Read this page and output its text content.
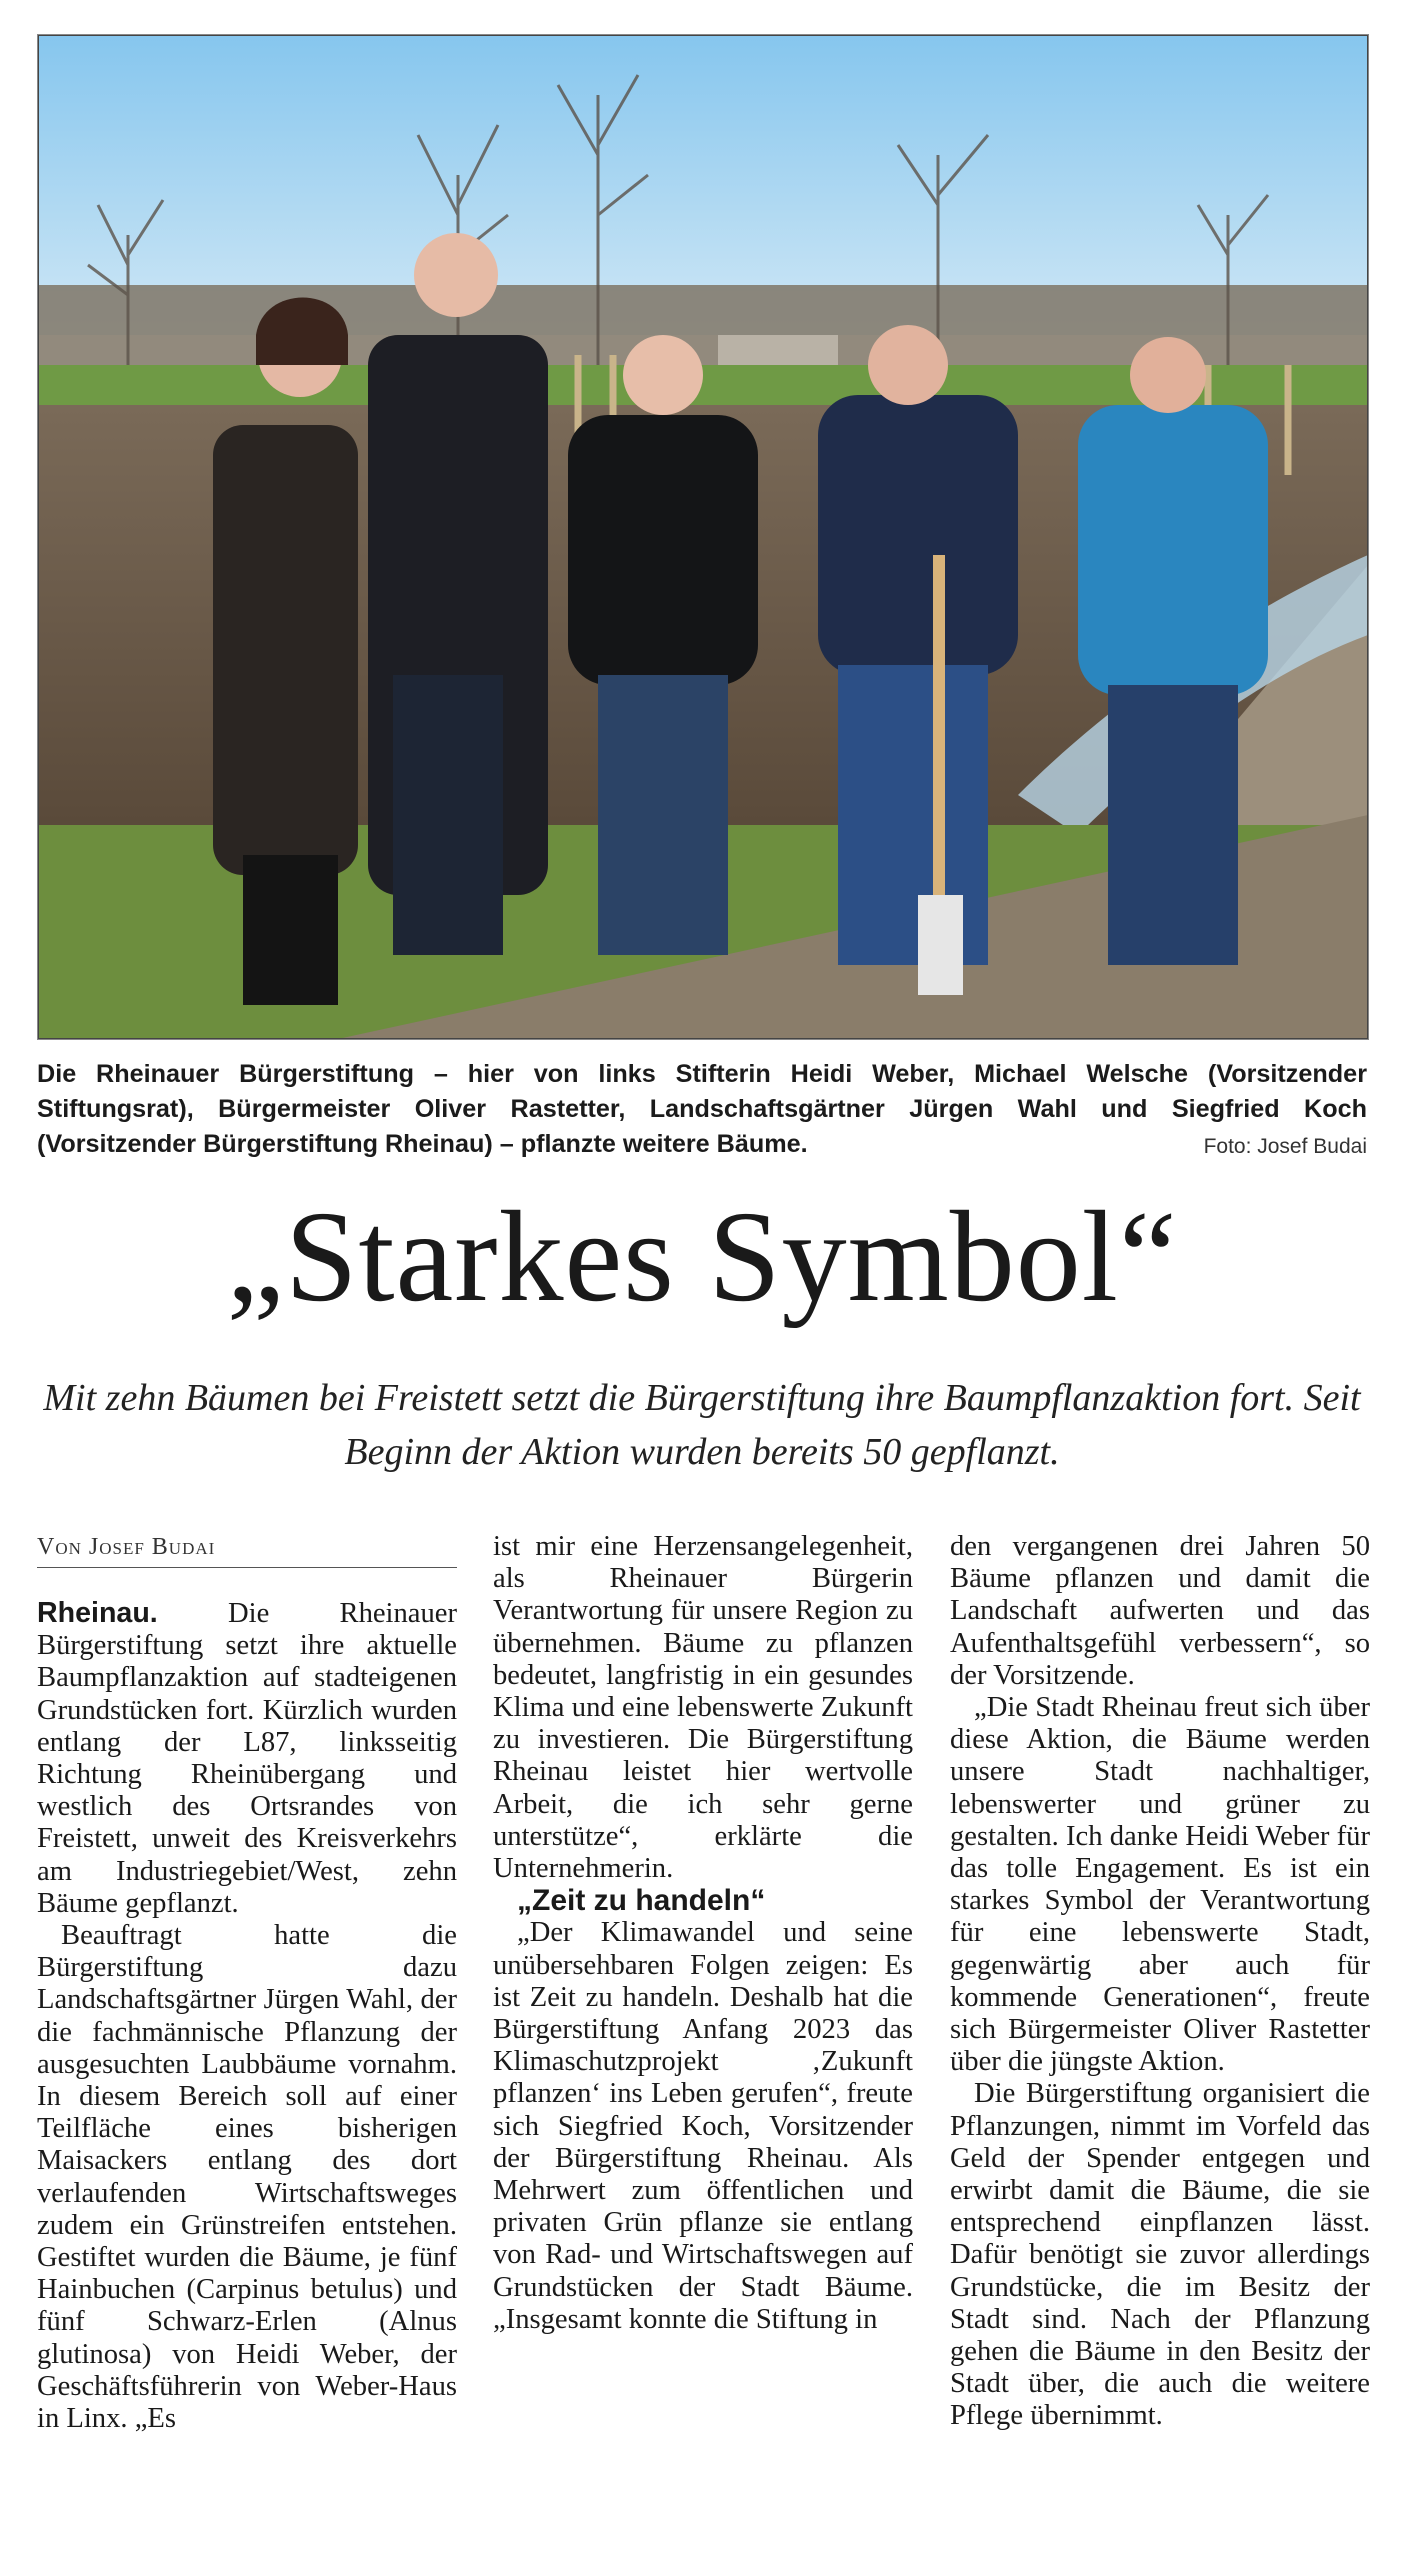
Die Rheinauer Bürgerstiftung – hier von links Stifterin Heidi Weber, Michael Welsche (Vorsitzender Stiftungsrat), Bürgermeister Oliver Rastetter, Landschaftsgärtner Jürgen Wahl und Siegfried Koch (Vorsitzender Bürgerstiftung Rheinau) – pflanzte weitere Bäume.	Foto: Josef Budai
„Starkes Symbol“
Mit zehn Bäumen bei Freistett setzt die Bürgerstiftung ihre Baumpflanzaktion fort. Seit Beginn der Aktion wurden bereits 50 gepflanzt.
Von Josef Budai

Rheinau. Die Rheinauer Bürgerstiftung setzt ihre aktuelle Baumpflanzaktion auf stadteigenen Grundstücken fort. Kürzlich wurden entlang der L87, linksseitig Richtung Rheinübergang und westlich des Ortsrandes von Freistett, unweit des Kreisverkehrs am Industriegebiet/West, zehn Bäume gepflanzt.

Beauftragt hatte die Bürgerstiftung dazu Landschaftsgärtner Jürgen Wahl, der die fachmännische Pflanzung der ausgesuchten Laubbäume vornahm. In diesem Bereich soll auf einer Teilfläche eines bisherigen Maisackers entlang des dort verlaufenden Wirtschaftsweges zudem ein Grünstreifen entstehen. Gestiftet wurden die Bäume, je fünf Hainbuchen (Carpinus betulus) und fünf Schwarz-Erlen (Alnus glutinosa) von Heidi Weber, der Geschäftsführerin von Weber-Haus in Linx. „Es

ist mir eine Herzensangelegenheit, als Rheinauer Bürgerin Verantwortung für unsere Region zu übernehmen. Bäume zu pflanzen bedeutet, langfristig in ein gesundes Klima und eine lebenswerte Zukunft zu investieren. Die Bürgerstiftung Rheinau leistet hier wertvolle Arbeit, die ich sehr gerne unterstütze“, erklärte die Unternehmerin.

„Zeit zu handeln“

„Der Klimawandel und seine unübersehbaren Folgen zeigen: Es ist Zeit zu handeln. Deshalb hat die Bürgerstiftung Anfang 2023 das Klimaschutzprojekt ‚Zukunft pflanzen‘ ins Leben gerufen“, freute sich Siegfried Koch, Vorsitzender der Bürgerstiftung Rheinau. Als Mehrwert zum öffentlichen und privaten Grün pflanze sie entlang von Rad- und Wirtschaftswegen auf Grundstücken der Stadt Bäume. „Insgesamt konnte die Stiftung in

den vergangenen drei Jahren 50 Bäume pflanzen und damit die Landschaft aufwerten und das Aufenthaltsgefühl verbessern“, so der Vorsitzende.

„Die Stadt Rheinau freut sich über diese Aktion, die Bäume werden unsere Stadt nachhaltiger, lebenswerter und grüner zu gestalten. Ich danke Heidi Weber für das tolle Engagement. Es ist ein starkes Symbol der Verantwortung für eine lebenswerte Stadt, gegenwärtig aber auch für kommende Generationen“, freute sich Bürgermeister Oliver Rastetter über die jüngste Aktion.

Die Bürgerstiftung organisiert die Pflanzungen, nimmt im Vorfeld das Geld der Spender entgegen und erwirbt damit die Bäume, die sie entsprechend einpflanzen lässt. Dafür benötigt sie zuvor allerdings Grundstücke, die im Besitz der Stadt sind. Nach der Pflanzung gehen die Bäume in den Besitz der Stadt über, die auch die weitere Pflege übernimmt.
